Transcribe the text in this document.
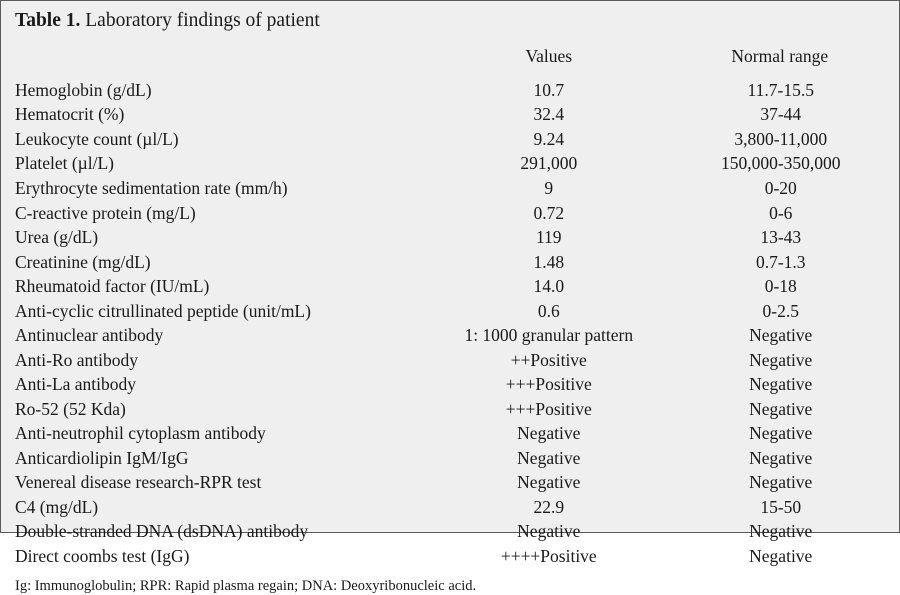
Table 1. Laboratory findings of patient
	Values	Normal range
Hemoglobin (g/dL)	10.7	11.7-15.5
Hematocrit (%)	32.4	37-44
Leukocyte count (µl/L)	9.24	3,800-11,000
Platelet (µl/L)	291,000	150,000-350,000
Erythrocyte sedimentation rate (mm/h)	9	0-20
C-reactive protein (mg/L)	0.72	0-6
Urea (g/dL)	119	13-43
Creatinine (mg/dL)	1.48	0.7-1.3
Rheumatoid factor (IU/mL)	14.0	0-18
Anti-cyclic citrullinated peptide (unit/mL)	0.6	0-2.5
Antinuclear antibody	1: 1000 granular pattern	Negative
Anti-Ro antibody	++Positive	Negative
Anti-La antibody	+++Positive	Negative
Ro-52 (52 Kda)	+++Positive	Negative
Anti-neutrophil cytoplasm antibody	Negative	Negative
Anticardiolipin IgM/IgG	Negative	Negative
Venereal disease research-RPR test	Negative	Negative
C4 (mg/dL)	22.9	15-50
Double-stranded DNA (dsDNA) antibody	Negative	Negative
Direct coombs test (IgG)	++++Positive	Negative
Ig: Immunoglobulin; RPR: Rapid plasma regain; DNA: Deoxyribonucleic acid.
